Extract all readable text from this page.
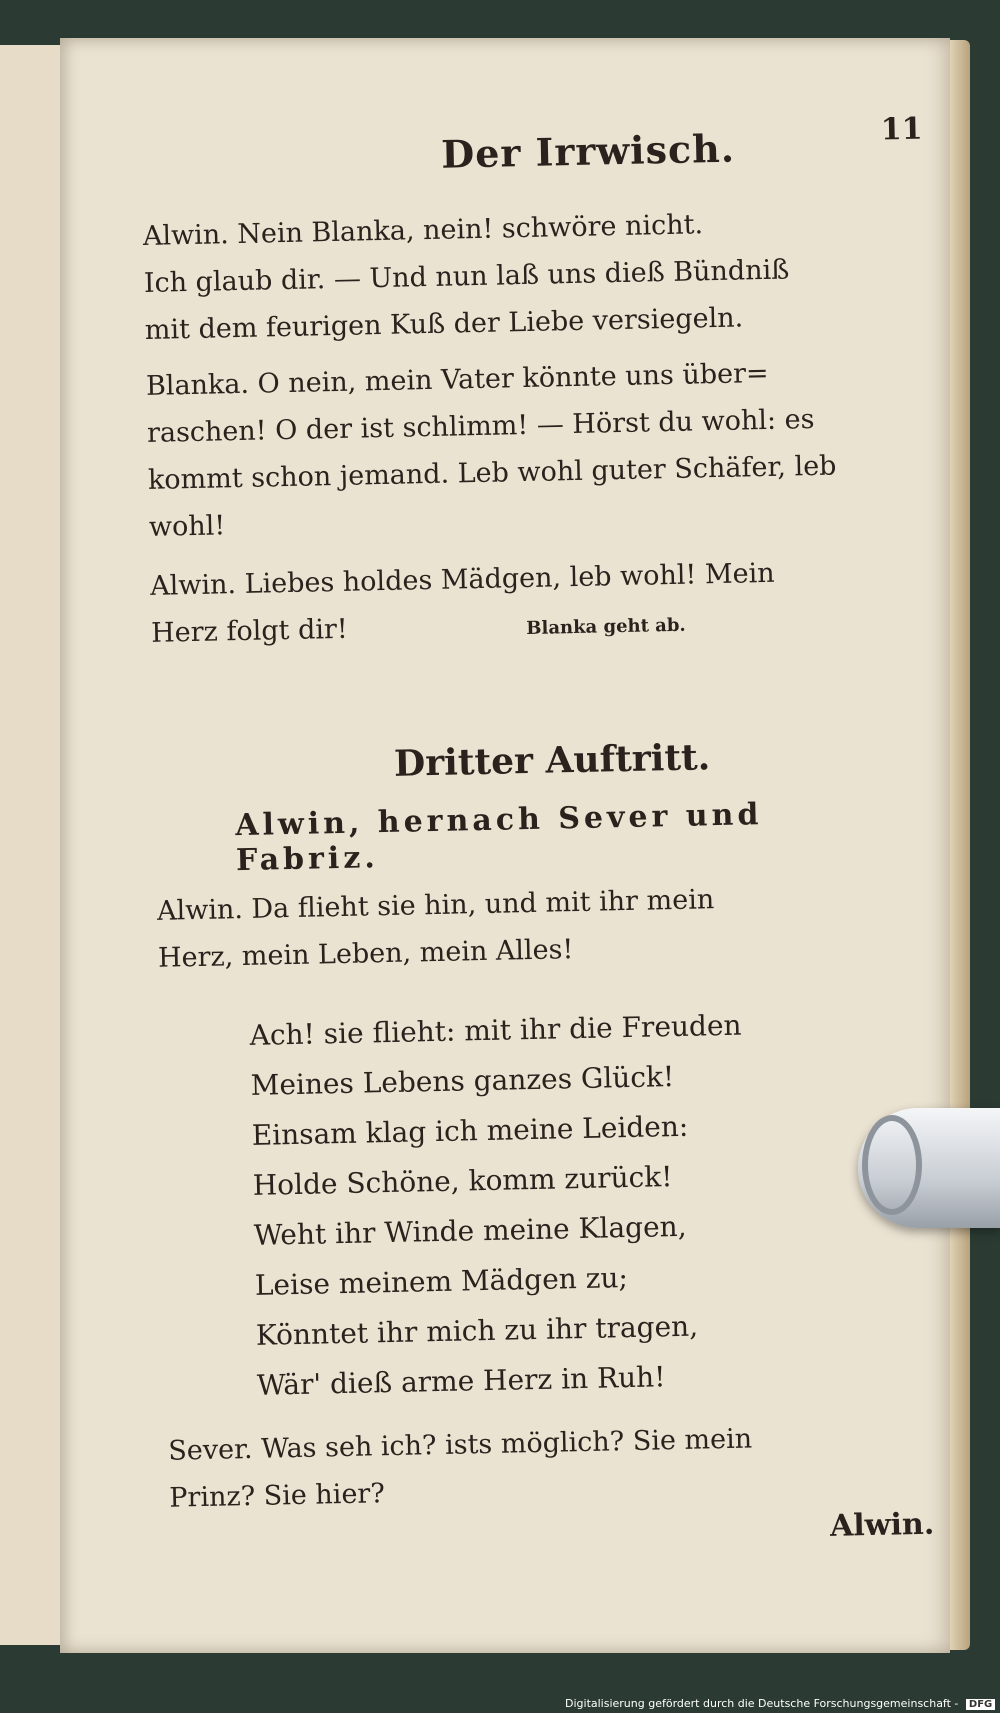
Der Irrwisch.	11
Alwin. Nein Blanka, nein! schwöre nicht.
Ich glaub dir. — Und nun laß uns dieß Bündniß
mit dem feurigen Kuß der Liebe versiegeln.
Blanka. O nein, mein Vater könnte uns über=
raschen! O der ist schlimm! — Hörst du wohl: es
kommt schon jemand. Leb wohl guter Schäfer, leb
wohl!
Alwin. Liebes holdes Mädgen, leb wohl! Mein
Herz folgt dir!	Blanka geht ab.
Dritter Auftritt.
Alwin, hernach Sever und Fabriz.
Alwin. Da flieht sie hin, und mit ihr mein
Herz, mein Leben, mein Alles!
Ach! sie flieht: mit ihr die Freuden
Meines Lebens ganzes Glück!
Einsam klag ich meine Leiden:
Holde Schöne, komm zurück!
Weht ihr Winde meine Klagen,
Leise meinem Mädgen zu;
Könntet ihr mich zu ihr tragen,
Wär' dieß arme Herz in Ruh!
Sever. Was seh ich? ists möglich? Sie mein
Prinz? Sie hier?
Alwin.
Digitalisierung gefördert durch die Deutsche Forschungsgemeinschaft - DFG
